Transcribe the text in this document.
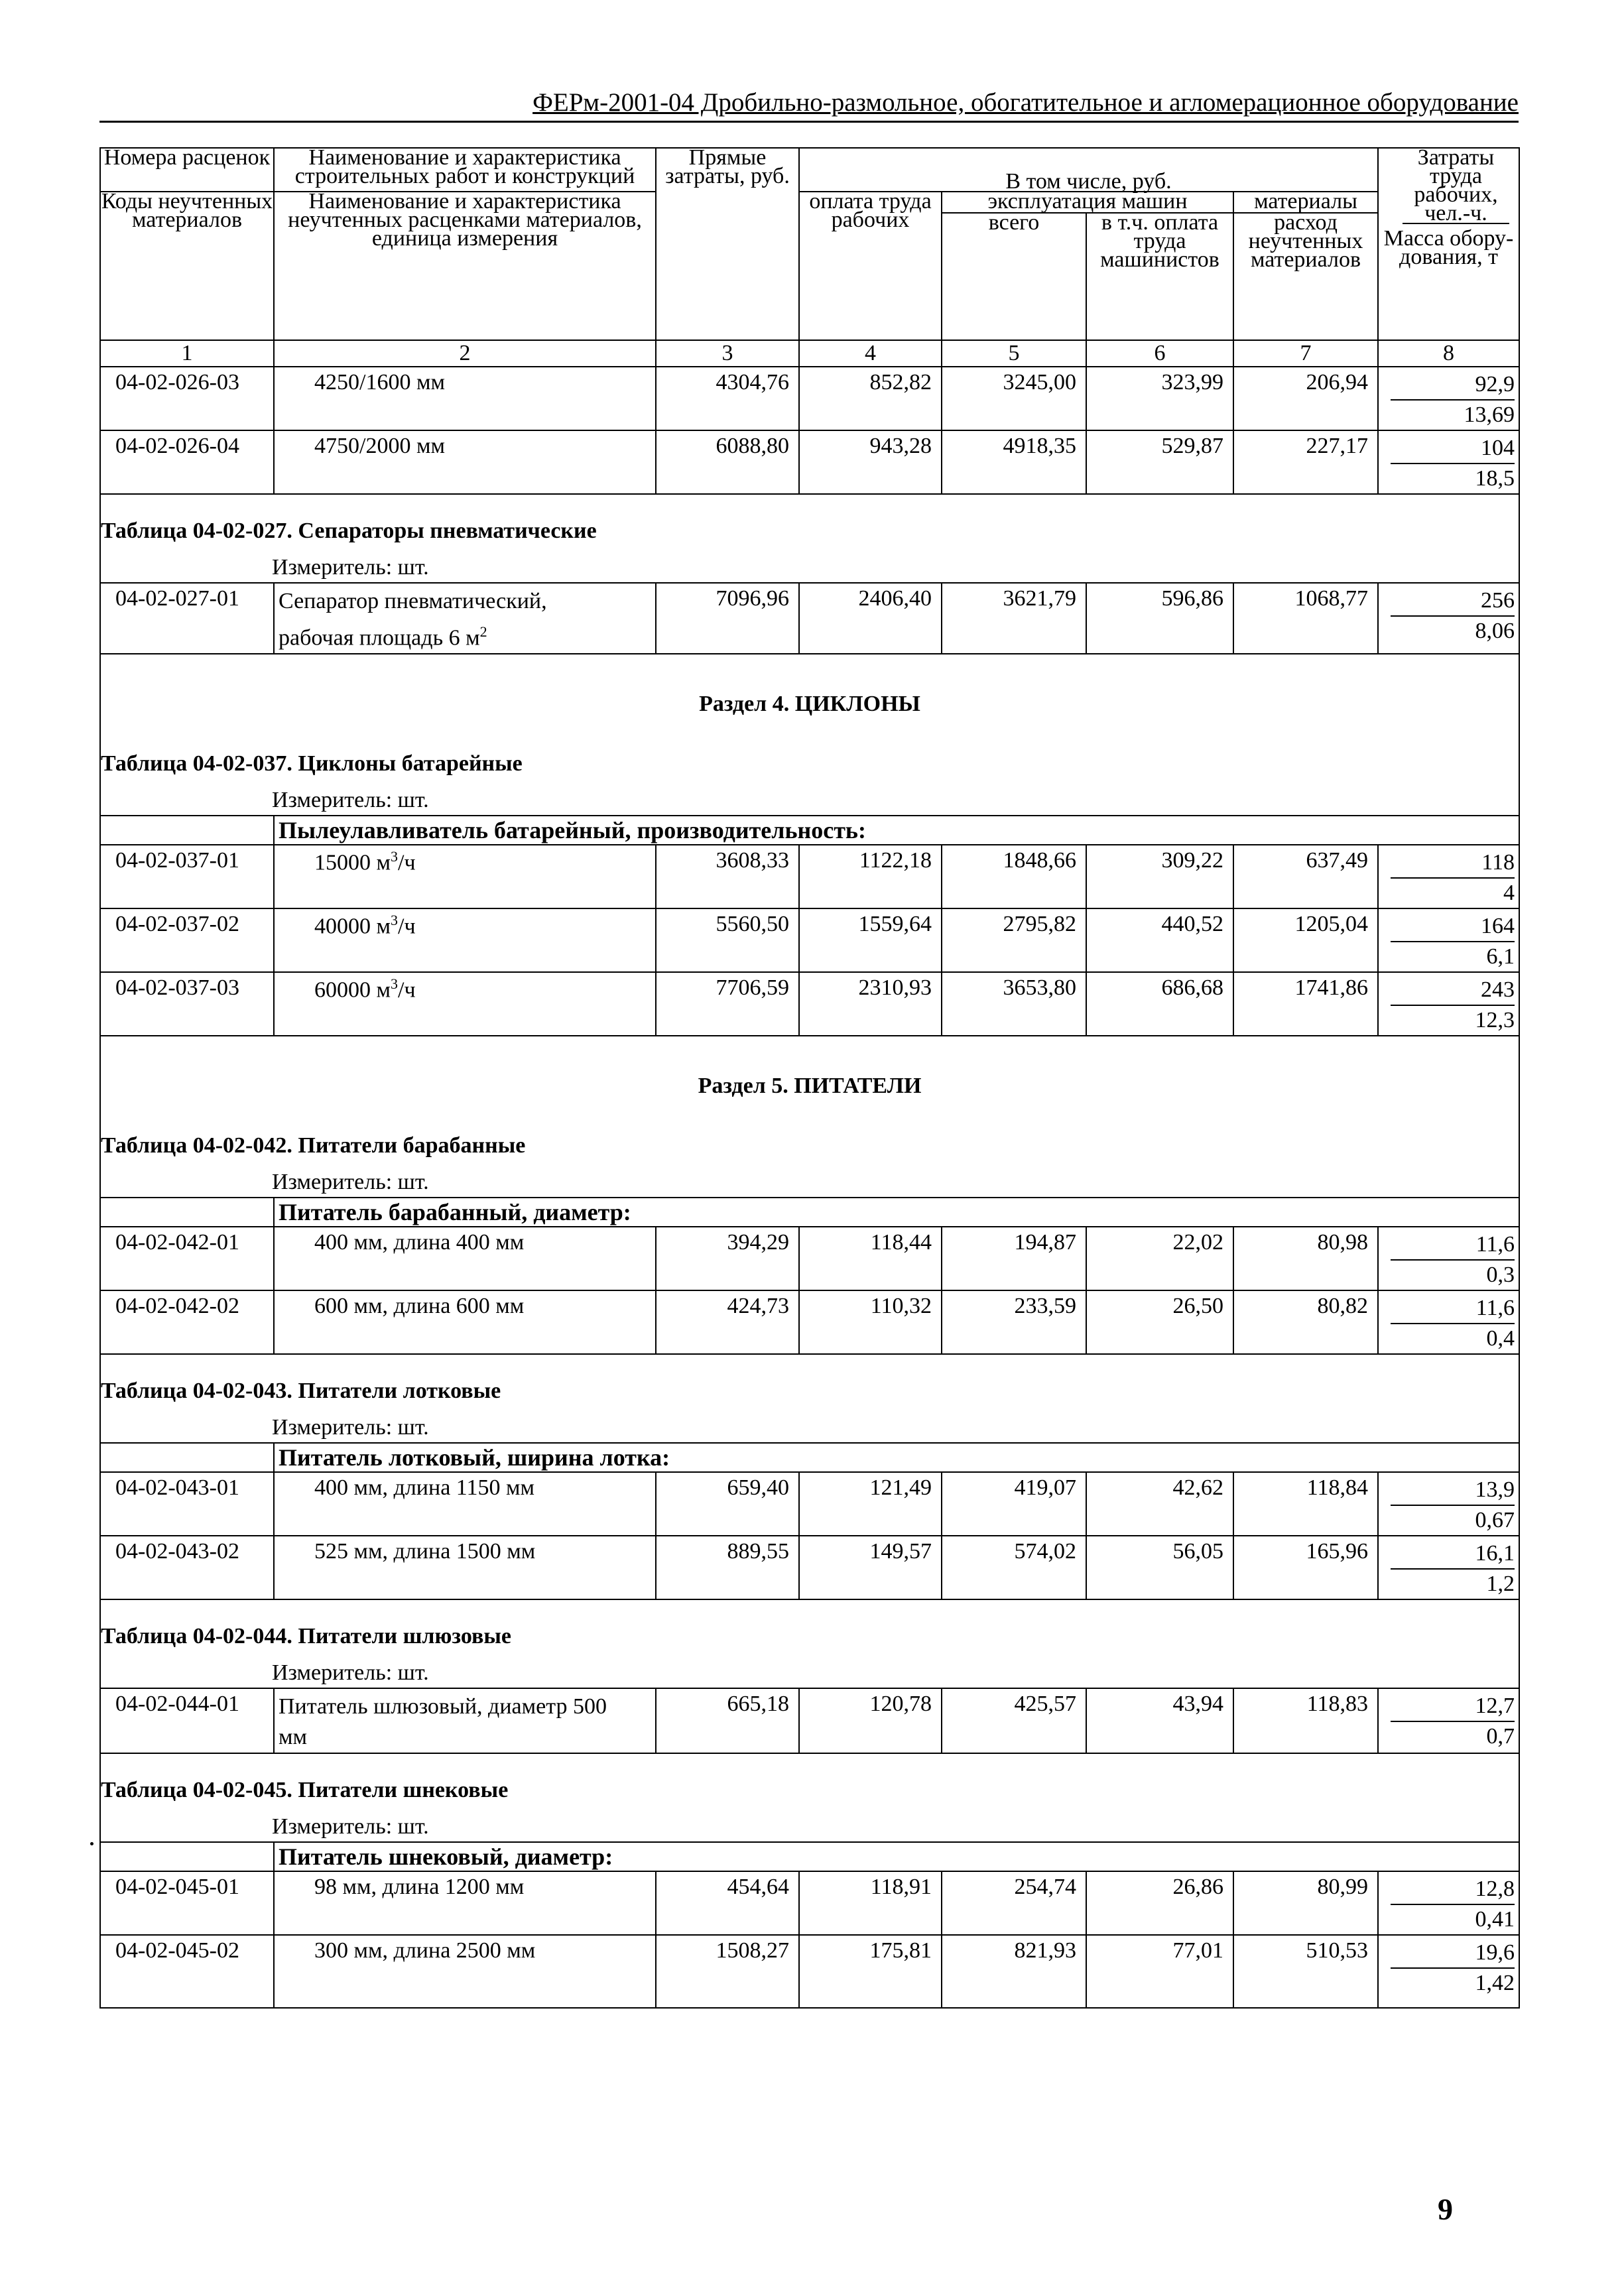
ФЕРм-2001-04 Дробильно-размольное, обогатительное и агломерационное оборудование
Номера расценок	Наименование и характеристика строительных работ и конструкций	Прямые затраты, руб.	В том числе, руб.				Затраты труда рабочих, чел.-ч.
Масса обору-дования, т

Коды неучтенных материалов	Наименование и характеристика неучтенных расценками материалов, единица измерения		оплата труда рабочих	эксплуатация машин		материалы	
				всего	в т.ч. оплата труда машинистов	расход неучтенных материалов	
1	2	3	4	5	6	7	8
04-02-026-03	4250/1600 мм	4304,76	852,82	3245,00	323,99	206,94	92,9
13,69

04-02-026-04	4750/2000 мм	6088,80	943,28	4918,35	529,87	227,17	104
18,5

Таблица 04-02-027. Сепараторы пневматические							
Измеритель: шт.							
04-02-027-01	Сепаратор пневматический,
рабочая площадь 6 $м^2$	7096,96	2406,40	3621,79	596,86	1068,77	256
8,06

Раздел 4. ЦИКЛОНЫ							
Таблица 04-02-037. Циклоны батарейные							
Измеритель: шт.							
	Пылеулавливатель батарейный, производительность:						
04-02-037-01	15000 $м^3/ч$	3608,33	1122,18	1848,66	309,22	637,49	118
4

04-02-037-02	40000 $м^3/ч$	5560,50	1559,64	2795,82	440,52	1205,04	164
6,1

04-02-037-03	60000 $м^3/ч$	7706,59	2310,93	3653,80	686,68	1741,86	243
12,3

Раздел 5. ПИТАТЕЛИ							
Таблица 04-02-042. Питатели барабанные							
Измеритель: шт.							
	Питатель барабанный, диаметр:						
04-02-042-01	400 мм, длина 400 мм	394,29	118,44	194,87	22,02	80,98	11,6
0,3

04-02-042-02	600 мм, длина 600 мм	424,73	110,32	233,59	26,50	80,82	11,6
0,4

Таблица 04-02-043. Питатели лотковые							
Измеритель: шт.							
	Питатель лотковый, ширина лотка:						
04-02-043-01	400 мм, длина 1150 мм	659,40	121,49	419,07	42,62	118,84	13,9
0,67

04-02-043-02	525 мм, длина 1500 мм	889,55	149,57	574,02	56,05	165,96	16,1
1,2

Таблица 04-02-044. Питатели шлюзовые							
Измеритель: шт.							
04-02-044-01	Питатель шлюзовый, диаметр 500
мм	665,18	120,78	425,57	43,94	118,83	12,7
0,7

Таблица 04-02-045. Питатели шнековые							
Измеритель: шт.							
	Питатель шнековый, диаметр:						
04-02-045-01	98 мм, длина 1200 мм	454,64	118,91	254,74	26,86	80,99	12,8
0,41

04-02-045-02	300 мм, длина 2500 мм	1508,27	175,81	821,93	77,01	510,53	19,6
1,42
9
